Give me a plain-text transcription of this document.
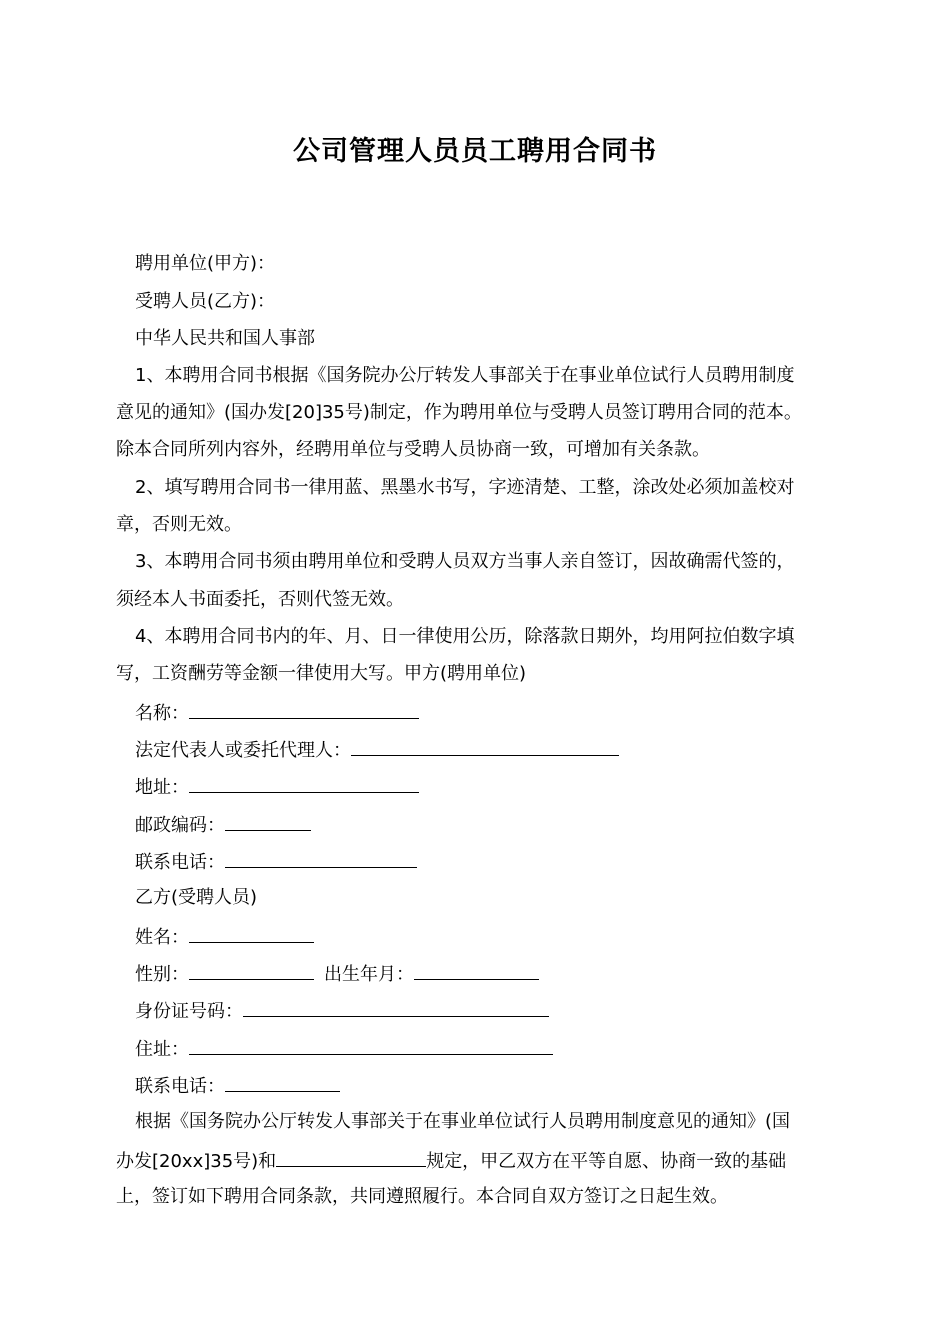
公司管理人员员工聘用合同书
聘用单位(甲方)：
受聘人员(乙方)：
中华人民共和国人事部
1、本聘用合同书根据《国务院办公厅转发人事部关于在事业单位试行人员聘用制度
意见的通知》(国办发[20]35号)制定，作为聘用单位与受聘人员签订聘用合同的范本。
除本合同所列内容外，经聘用单位与受聘人员协商一致，可增加有关条款。
2、填写聘用合同书一律用蓝、黑墨水书写，字迹清楚、工整，涂改处必须加盖校对
章，否则无效。
3、本聘用合同书须由聘用单位和受聘人员双方当事人亲自签订，因故确需代签的，
须经本人书面委托，否则代签无效。
4、本聘用合同书内的年、月、日一律使用公历，除落款日期外，均用阿拉伯数字填
写，工资酬劳等金额一律使用大写。甲方(聘用单位)
名称：
法定代表人或委托代理人：
地址：
邮政编码：
联系电话：
乙方(受聘人员)
姓名：
性别：	出生年月：
身份证号码：
住址：
联系电话：
根据《国务院办公厅转发人事部关于在事业单位试行人员聘用制度意见的通知》(国
办发[20xx]35号)和	规定，甲乙双方在平等自愿、协商一致的基础
上，签订如下聘用合同条款，共同遵照履行。本合同自双方签订之日起生效。
